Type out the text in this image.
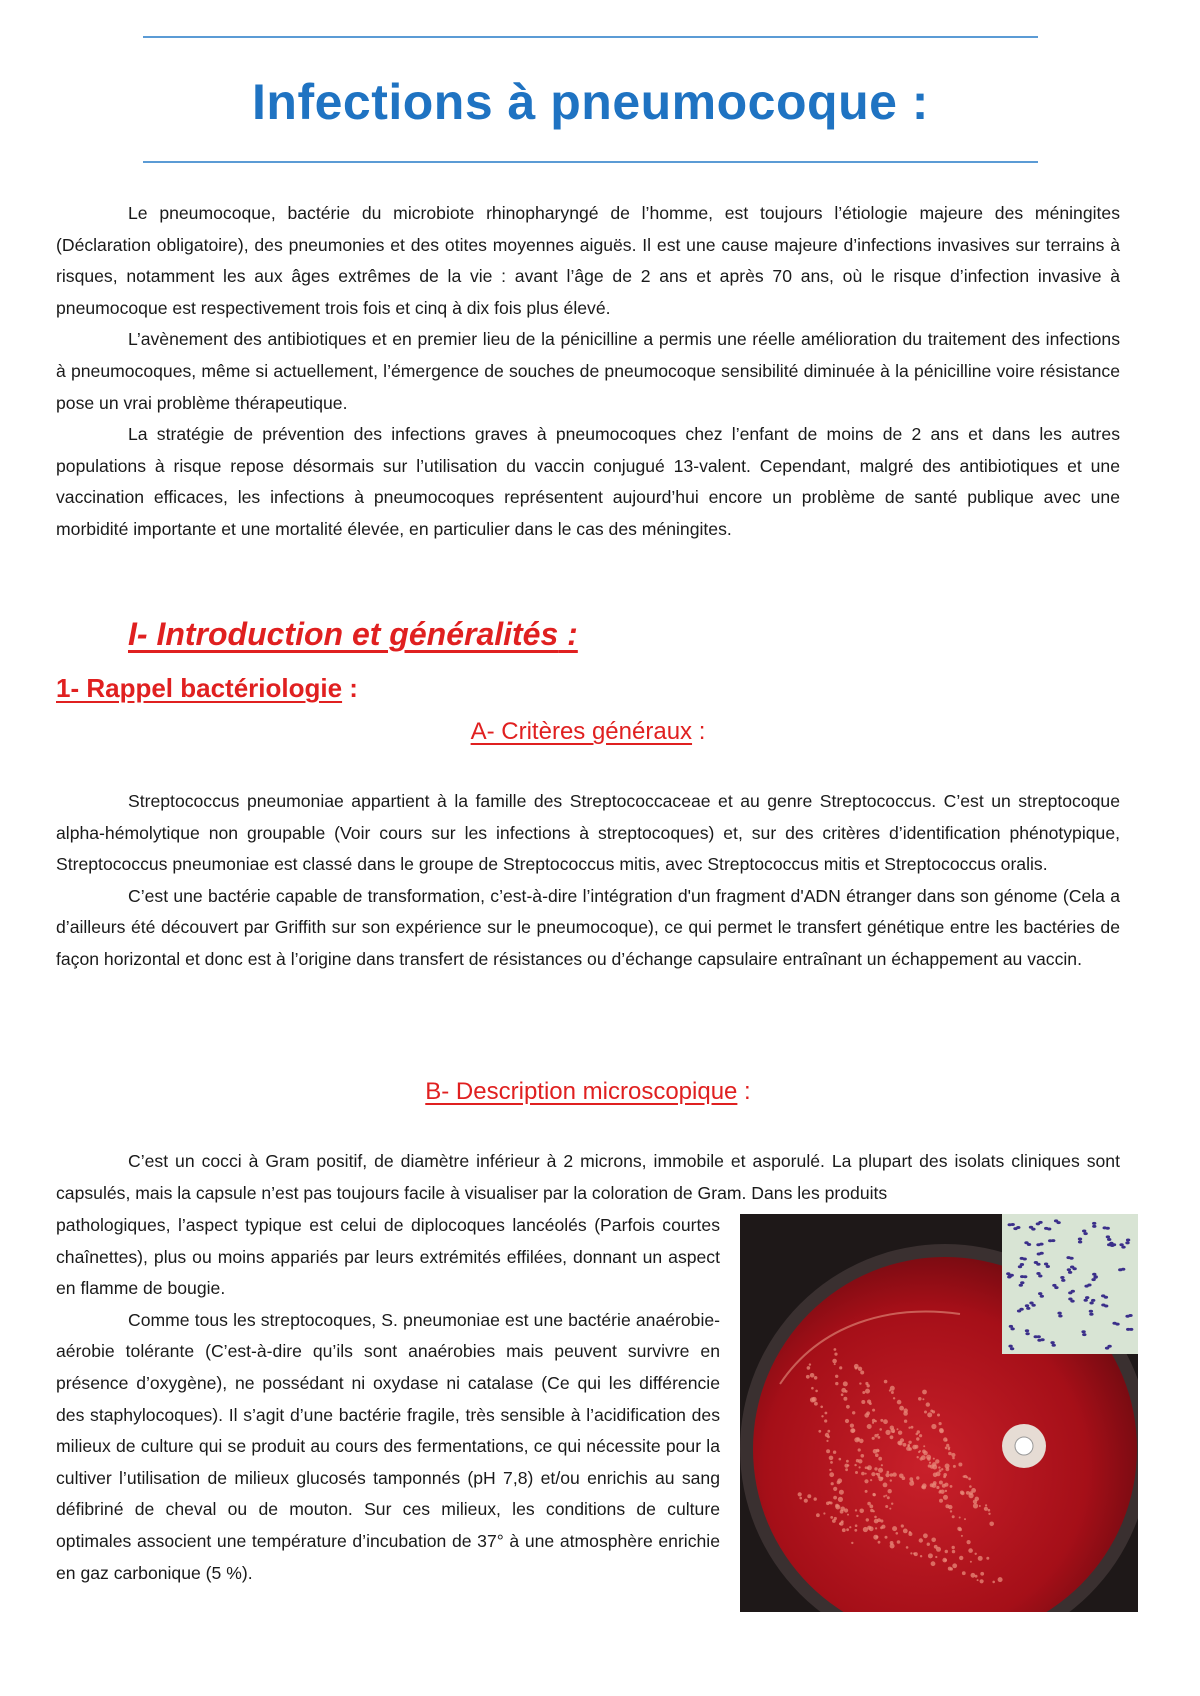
Infections à pneumocoque :

Le pneumocoque, bactérie du microbiote rhinopharyngé de l’homme, est toujours l’étiologie majeure des méningites (Déclaration obligatoire), des pneumonies et des otites moyennes aiguës. Il est une cause majeure d’infections invasives sur terrains à risques, notamment les aux âges extrêmes de la vie : avant l’âge de 2 ans et après 70 ans, où le risque d’infection invasive à pneumocoque est respectivement trois fois et cinq à dix fois plus élevé.

L’avènement des antibiotiques et en premier lieu de la pénicilline a permis une réelle amélioration du traitement des infections à pneumocoques, même si actuellement, l’émergence de souches de pneumocoque sensibilité diminuée à la pénicilline voire résistance pose un vrai problème thérapeutique.

La stratégie de prévention des infections graves à pneumocoques chez l’enfant de moins de 2 ans et dans les autres populations à risque repose désormais sur l’utilisation du vaccin conjugué 13-valent. Cependant, malgré des antibiotiques et une vaccination efficaces, les infections à pneumocoques représentent aujourd’hui encore un problème de santé publique avec une morbidité importante et une mortalité élevée, en particulier dans le cas des méningites.

I- Introduction et généralités :
1- Rappel bactériologie :
A- Critères généraux :

Streptococcus pneumoniae appartient à la famille des Streptococcaceae et au genre Streptococcus. C’est un streptocoque alpha-hémolytique non groupable (Voir cours sur les infections à streptocoques) et, sur des critères d’identification phénotypique, Streptococcus pneumoniae est classé dans le groupe de Streptococcus mitis, avec Streptococcus mitis et Streptococcus oralis.

C’est une bactérie capable de transformation, c’est-à-dire l’intégration d'un fragment d'ADN étranger dans son génome (Cela a d’ailleurs été découvert par Griffith sur son expérience sur le pneumocoque), ce qui permet le transfert génétique entre les bactéries de façon horizontal et donc est à l’origine dans transfert de résistances ou d’échange capsulaire entraînant un échappement au vaccin.

B- Description microscopique :

C’est un cocci à Gram positif, de diamètre inférieur à 2 microns, immobile et asporulé. La plupart des isolats cliniques sont capsulés, mais la capsule n’est pas toujours facile à visualiser par la coloration de Gram. Dans les produits

pathologiques, l’aspect typique est celui de diplocoques lancéolés (Parfois courtes chaînettes), plus ou moins appariés par leurs extrémités effilées, donnant un aspect en flamme de bougie.

Comme tous les streptocoques, S. pneumoniae est une bactérie anaérobie-aérobie tolérante (C’est-à-dire qu’ils sont anaérobies mais peuvent survivre en présence d’oxygène), ne possédant ni oxydase ni catalase (Ce qui les différencie des staphylocoques). Il s’agit d’une bactérie fragile, très sensible à l’acidification des milieux de culture qui se produit au cours des fermentations, ce qui nécessite pour la cultiver l’utilisation de milieux glucosés tamponnés (pH 7,8) et/ou enrichis au sang défibriné de cheval ou de mouton. Sur ces milieux, les conditions de culture optimales associent une température d’incubation de 37° à une atmosphère enrichie en gaz carbonique (5 %).
